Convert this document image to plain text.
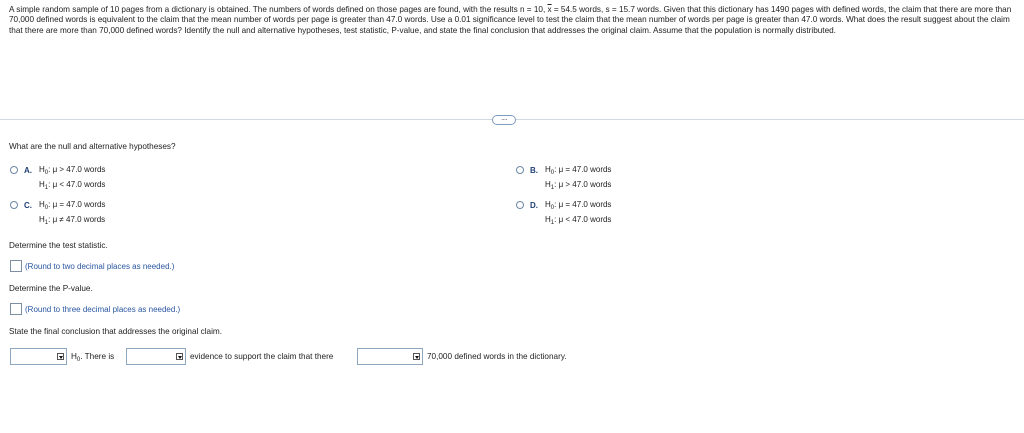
A simple random sample of 10 pages from a dictionary is obtained. The numbers of words defined on those pages are found, with the results n = 10, $\overline{x} = 54.5$ words, s = 15.7 words. Given that this dictionary has 1490 pages with defined words, the claim that there are more than 70,000 defined words is equivalent to the claim that the mean number of words per page is greater than 47.0 words. Use a 0.01 significance level to test the claim that the mean number of words per page is greater than 47.0 words. What does the result suggest about the claim that there are more than 70,000 defined words? Identify the null and alternative hypotheses, test statistic, P-value, and state the final conclusion that addresses the original claim. Assume that the population is normally distributed.
....
What are the null and alternative hypotheses?
A. $H_0$: μ > 47.0 words
$H_1$: μ < 47.0 words
B. $H_0$: μ = 47.0 words
$H_1$: μ > 47.0 words
C. $H_0$: μ = 47.0 words
$H_1$: μ ≠ 47.0 words
D. $H_0$: μ = 47.0 words
$H_1$: μ < 47.0 words
Determine the test statistic.
(Round to two decimal places as needed.)
Determine the P-value.
(Round to three decimal places as needed.)
State the final conclusion that addresses the original claim.
$H_0$. There is	evidence to support the claim that there	70,000 defined words in the dictionary.
